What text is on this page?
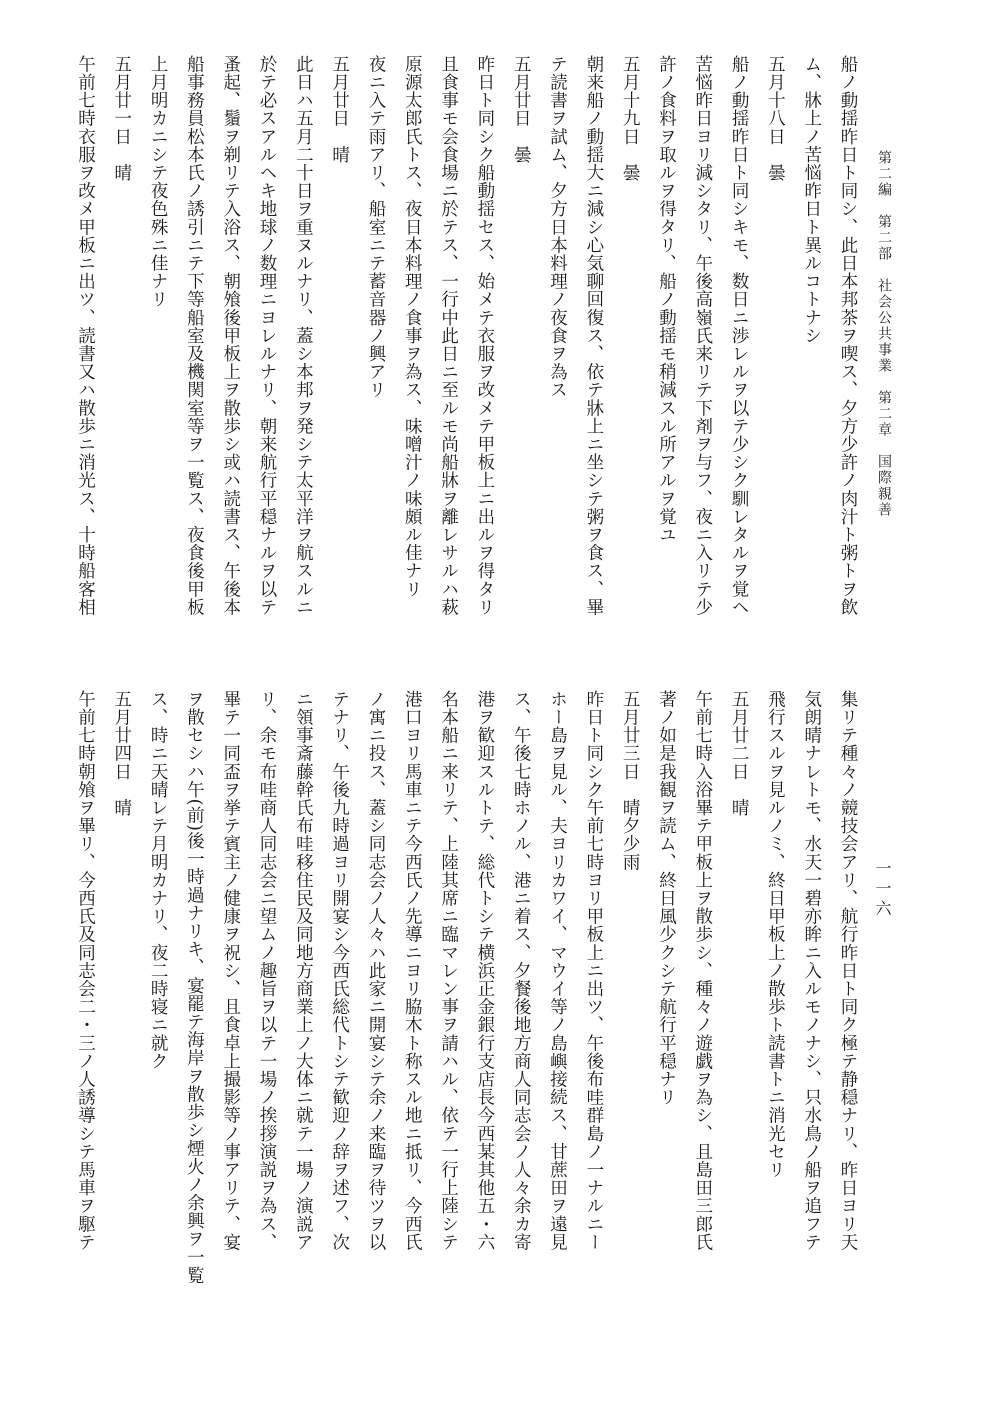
第二編　第二部　社会公共事業　第二章　国際親善
一一六
船ノ動揺昨日ト同シ、此日本邦茶ヲ喫ス、夕方少許ノ肉汁ト粥トヲ飲
ム、牀上ノ苦悩昨日ト異ルコトナシ
五月十八日　曇
船ノ動揺昨日ト同シキモ、数日ニ渉レルヲ以テ少シク馴レタルヲ覚ヘ
苦悩昨日ヨリ減シタリ、午後高嶺氏来リテ下剤ヲ与フ、夜ニ入リテ少
許ノ食料ヲ取ルヲ得タリ、船ノ動揺モ稍減スル所アルヲ覚ユ
五月十九日　曇
朝来船ノ動揺大ニ減シ心気聊回復ス、依テ牀上ニ坐シテ粥ヲ食ス、畢
テ読書ヲ試ム、夕方日本料理ノ夜食ヲ為ス
五月廿日　曇
昨日ト同シク船動揺セス、始メテ衣服ヲ改メテ甲板上ニ出ルヲ得タリ
且食事モ会食場ニ於テス、一行中此日ニ至ルモ尚船牀ヲ離レサルハ萩
原源太郎氏トス、夜日本料理ノ食事ヲ為ス、味噌汁ノ味頗ル佳ナリ
夜ニ入テ雨アリ、船室ニテ蓄音器ノ興アリ
五月廿日　晴
此日ハ五月二十日ヲ重ヌルナリ、蓋シ本邦ヲ発シテ太平洋ヲ航スルニ
於テ必スアルヘキ地球ノ数理ニヨレルナリ、朝来航行平穏ナルヲ以テ
蚤起、鬚ヲ剃リテ入浴ス、朝飧後甲板上ヲ散歩シ或ハ読書ス、午後本
船事務員松本氏ノ誘引ニテ下等船室及機関室等ヲ一覧ス、夜食後甲板
上月明カニシテ夜色殊ニ佳ナリ
五月廿一日　晴
午前七時衣服ヲ改メ甲板ニ出ツ、読書又ハ散歩ニ消光ス、十時船客相
集リテ種々ノ競技会アリ、航行昨日ト同ク極テ静穏ナリ、昨日ヨリ天
気朗晴ナレトモ、水天一碧亦眸ニ入ルモノナシ、只水鳥ノ船ヲ追フテ
飛行スルヲ見ルノミ、終日甲板上ノ散歩ト読書トニ消光セリ
五月廿二日　晴
午前七時入浴畢テ甲板上ヲ散歩シ、種々ノ遊戯ヲ為シ、且島田三郎氏
著ノ如是我観ヲ読ム、終日風少クシテ航行平穏ナリ
五月廿三日　晴夕少雨
昨日ト同シク午前七時ヨリ甲板上ニ出ツ、午後布哇群島ノ一ナルニー
ホー島ヲ見ル、夫ヨリカワイ、マウイ等ノ島嶼接続ス、甘蔗田ヲ遠見
ス、午後七時ホノル、港ニ着ス、夕餐後地方商人同志会ノ人々余カ寄
港ヲ歓迎スルトテ、総代トシテ横浜正金銀行支店長今西某其他五・六
名本船ニ来リテ、上陸其席ニ臨マレン事ヲ請ハル、依テ一行上陸シテ
港口ヨリ馬車ニテ今西氏ノ先導ニヨリ脇木ト称スル地ニ抵リ、今西氏
ノ寓ニ投ス、蓋シ同志会ノ人々ハ此家ニ開宴シテ余ノ来臨ヲ待ツヲ以
テナリ、午後九時過ヨリ開宴シ今西氏総代トシテ歓迎ノ辞ヲ述フ、次
ニ領事斎藤幹氏布哇移住民及同地方商業上ノ大体ニ就テ一場ノ演説ア
リ、余モ布哇商人同志会ニ望ムノ趣旨ヲ以テ一場ノ挨拶演説ヲ為ス、
畢テ一同盃ヲ挙テ賓主ノ健康ヲ祝シ、且食卓上撮影等ノ事アリテ、宴
ヲ散セシハ午(前)後一時過ナリキ、宴罷テ海岸ヲ散歩シ煙火ノ余興ヲ一覧
ス、時ニ天晴レテ月明カナリ、夜二時寝ニ就ク
五月廿四日　晴
午前七時朝飧ヲ畢リ、今西氏及同志会二・三ノ人誘導シテ馬車ヲ駆テ
